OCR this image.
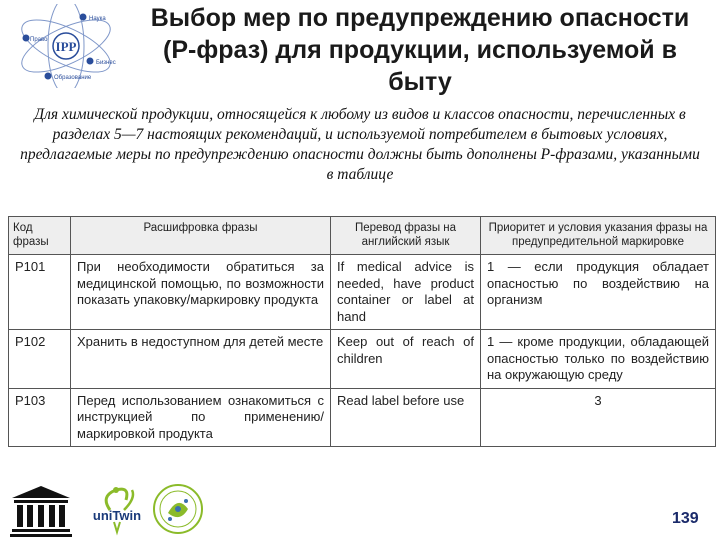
IPP
Наука
Бизнес
Право
Образование
Выбор мер по предупреждению опасности (Р-фраз) для продукции, используемой в быту
Для химической продукции, относящейся к любому из видов и классов опасности, перечисленных в разделах 5—7 настоящих рекомендаций, и используемой потребителем в бытовых условиях, предлагаемые меры по предупреждению опасности должны быть дополнены Р-фразами, указанными в таблице
Код фразы	Расшифровка фразы	Перевод фразы на английский язык	Приоритет и условия указания фразы на предупредительной маркировке
P101	При необходимости обратиться за медицинской помощью, по возможности показать упаковку/маркировку продукта	If medical advice is needed, have product container or label at hand	1 — если продукция обладает опасностью по воздействию на организм
P102	Хранить в недоступном для детей месте	Keep out of reach of children	1 — кроме продукции, обладающей опасностью только по воздействию на окружающую среду
P103	Перед использованием ознакомиться с инструкцией по применению/маркировкой продукта	Read label before use	3
uniTwin	139
